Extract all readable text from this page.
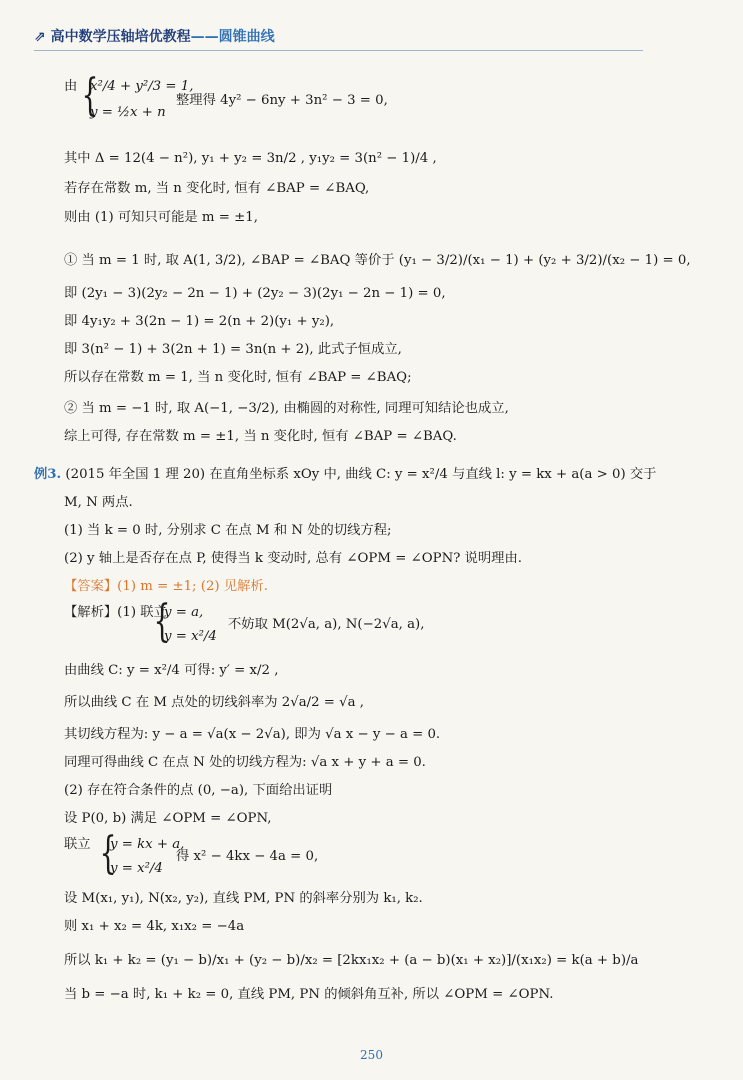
⇗ 高中数学压轴培优教程——圆锥曲线
由 {
x²/4 + y²/3 = 1,
y = ½x + n
整理得 4y² − 6ny + 3n² − 3 = 0,
其中 Δ = 12(4 − n²), y₁ + y₂ = 3n/2 , y₁y₂ = 3(n² − 1)/4 ,
若存在常数 m, 当 n 变化时, 恒有 ∠BAP = ∠BAQ,
则由 (1) 可知只可能是 m = ±1,
① 当 m = 1 时, 取 A(1, 3/2), ∠BAP = ∠BAQ 等价于 (y₁ − 3/2)/(x₁ − 1) + (y₂ + 3/2)/(x₂ − 1) = 0,
即 (2y₁ − 3)(2y₂ − 2n − 1) + (2y₂ − 3)(2y₁ − 2n − 1) = 0,
即 4y₁y₂ + 3(2n − 1) = 2(n + 2)(y₁ + y₂),
即 3(n² − 1) + 3(2n + 1) = 3n(n + 2), 此式子恒成立,
所以存在常数 m = 1, 当 n 变化时, 恒有 ∠BAP = ∠BAQ;
② 当 m = −1 时, 取 A(−1, −3/2), 由椭圆的对称性, 同理可知结论也成立,
综上可得, 存在常数 m = ±1, 当 n 变化时, 恒有 ∠BAP = ∠BAQ.
例3. (2015 年全国 1 理 20) 在直角坐标系 xOy 中, 曲线 C: y = x²/4 与直线 l: y = kx + a(a > 0) 交于
M, N 两点.
(1) 当 k = 0 时, 分别求 C 在点 M 和 N 处的切线方程;
(2) y 轴上是否存在点 P, 使得当 k 变动时, 总有 ∠OPM = ∠OPN? 说明理由.
【答案】(1) m = ±1; (2) 见解析.
【解析】(1) 联立
{
y = a,
y = x²/4
不妨取 M(2√a, a), N(−2√a, a),
由曲线 C: y = x²/4 可得: y′ = x/2 ,
所以曲线 C 在 M 点处的切线斜率为 2√a/2 = √a ,
其切线方程为: y − a = √a(x − 2√a), 即为 √a x − y − a = 0.
同理可得曲线 C 在点 N 处的切线方程为: √a x + y + a = 0.
(2) 存在符合条件的点 (0, −a), 下面给出证明
设 P(0, b) 满足 ∠OPM = ∠OPN,
联立 {
y = kx + a,
y = x²/4
得 x² − 4kx − 4a = 0,
设 M(x₁, y₁), N(x₂, y₂), 直线 PM, PN 的斜率分别为 k₁, k₂.
则 x₁ + x₂ = 4k, x₁x₂ = −4a
所以 k₁ + k₂ = (y₁ − b)/x₁ + (y₂ − b)/x₂ = [2kx₁x₂ + (a − b)(x₁ + x₂)]/(x₁x₂) = k(a + b)/a
当 b = −a 时, k₁ + k₂ = 0, 直线 PM, PN 的倾斜角互补, 所以 ∠OPM = ∠OPN.
250
